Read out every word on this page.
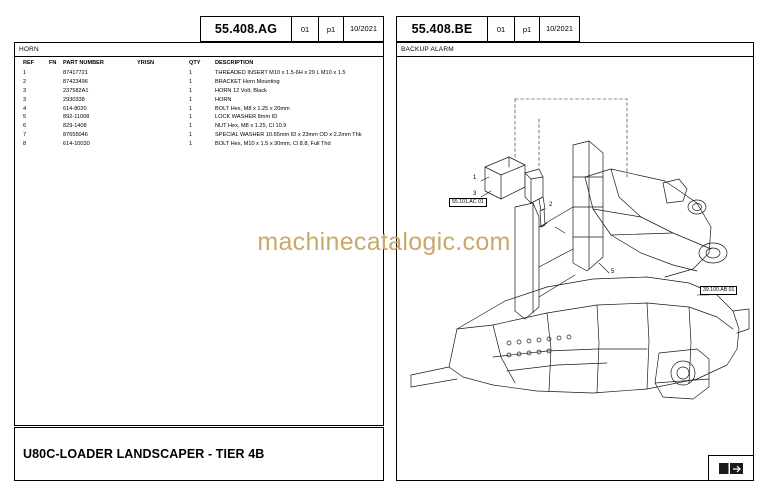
55.408.AG	01	p1	10/2021
HORN
REF	FN	PART NUMBER	YRISN	QTY	DESCRIPTION
1		87417721		1	THREADED INSERT M10 x 1.5-6H x 29 L M10 x 1.5
2		87423496		1	BRACKET Horn Mounting
3		237582A1		1	HORN 12 Volt, Black
3		2930338		1	HORN
4		614-8020		1	BOLT Hex, M8 x 1.25 x 20mm
5		892-11008		1	LOCK WASHER 8mm ID
6		829-1408		1	NUT Hex, M8 x 1.25, Cl 10.9
7		87655046		1	SPECIAL WASHER 10.65mm ID x 23mm OD x 2.2mm Thk
8		614-10030		1	BOLT Hex, M10 x 1.5 x 30mm, Cl 8.8, Full Thd
U80C-LOADER LANDSCAPER - TIER 4B
55.408.BE	01	p1	10/2021
BACKUP ALARM
1
3
2
5
55.101.AC 01
39.100.AB 01
machinecatalogic.com
